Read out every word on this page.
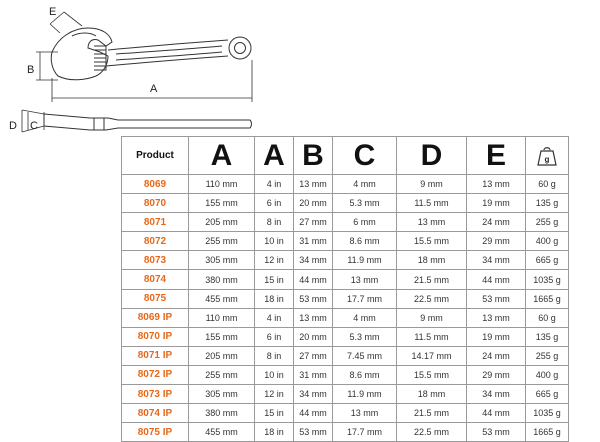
E
B
A
D C
Product	A	A	B	C	D	E	g

8069	110 mm	4 in	13 mm	4 mm	9 mm	13 mm	60 g
8070	155 mm	6 in	20 mm	5.3 mm	11.5 mm	19 mm	135 g
8071	205 mm	8 in	27 mm	6 mm	13 mm	24 mm	255 g
8072	255 mm	10 in	31 mm	8.6 mm	15.5 mm	29 mm	400 g
8073	305 mm	12 in	34 mm	11.9 mm	18 mm	34 mm	665 g
8074	380 mm	15 in	44 mm	13 mm	21.5 mm	44 mm	1035 g
8075	455 mm	18 in	53 mm	17.7 mm	22.5 mm	53 mm	1665 g
8069 IP	110 mm	4 in	13 mm	4 mm	9 mm	13 mm	60 g
8070 IP	155 mm	6 in	20 mm	5.3 mm	11.5 mm	19 mm	135 g
8071 IP	205 mm	8 in	27 mm	7.45 mm	14.17 mm	24 mm	255 g
8072 IP	255 mm	10 in	31 mm	8.6 mm	15.5 mm	29 mm	400 g
8073 IP	305 mm	12 in	34 mm	11.9 mm	18 mm	34 mm	665 g
8074 IP	380 mm	15 in	44 mm	13 mm	21.5 mm	44 mm	1035 g
8075 IP	455 mm	18 in	53 mm	17.7 mm	22.5 mm	53 mm	1665 g
